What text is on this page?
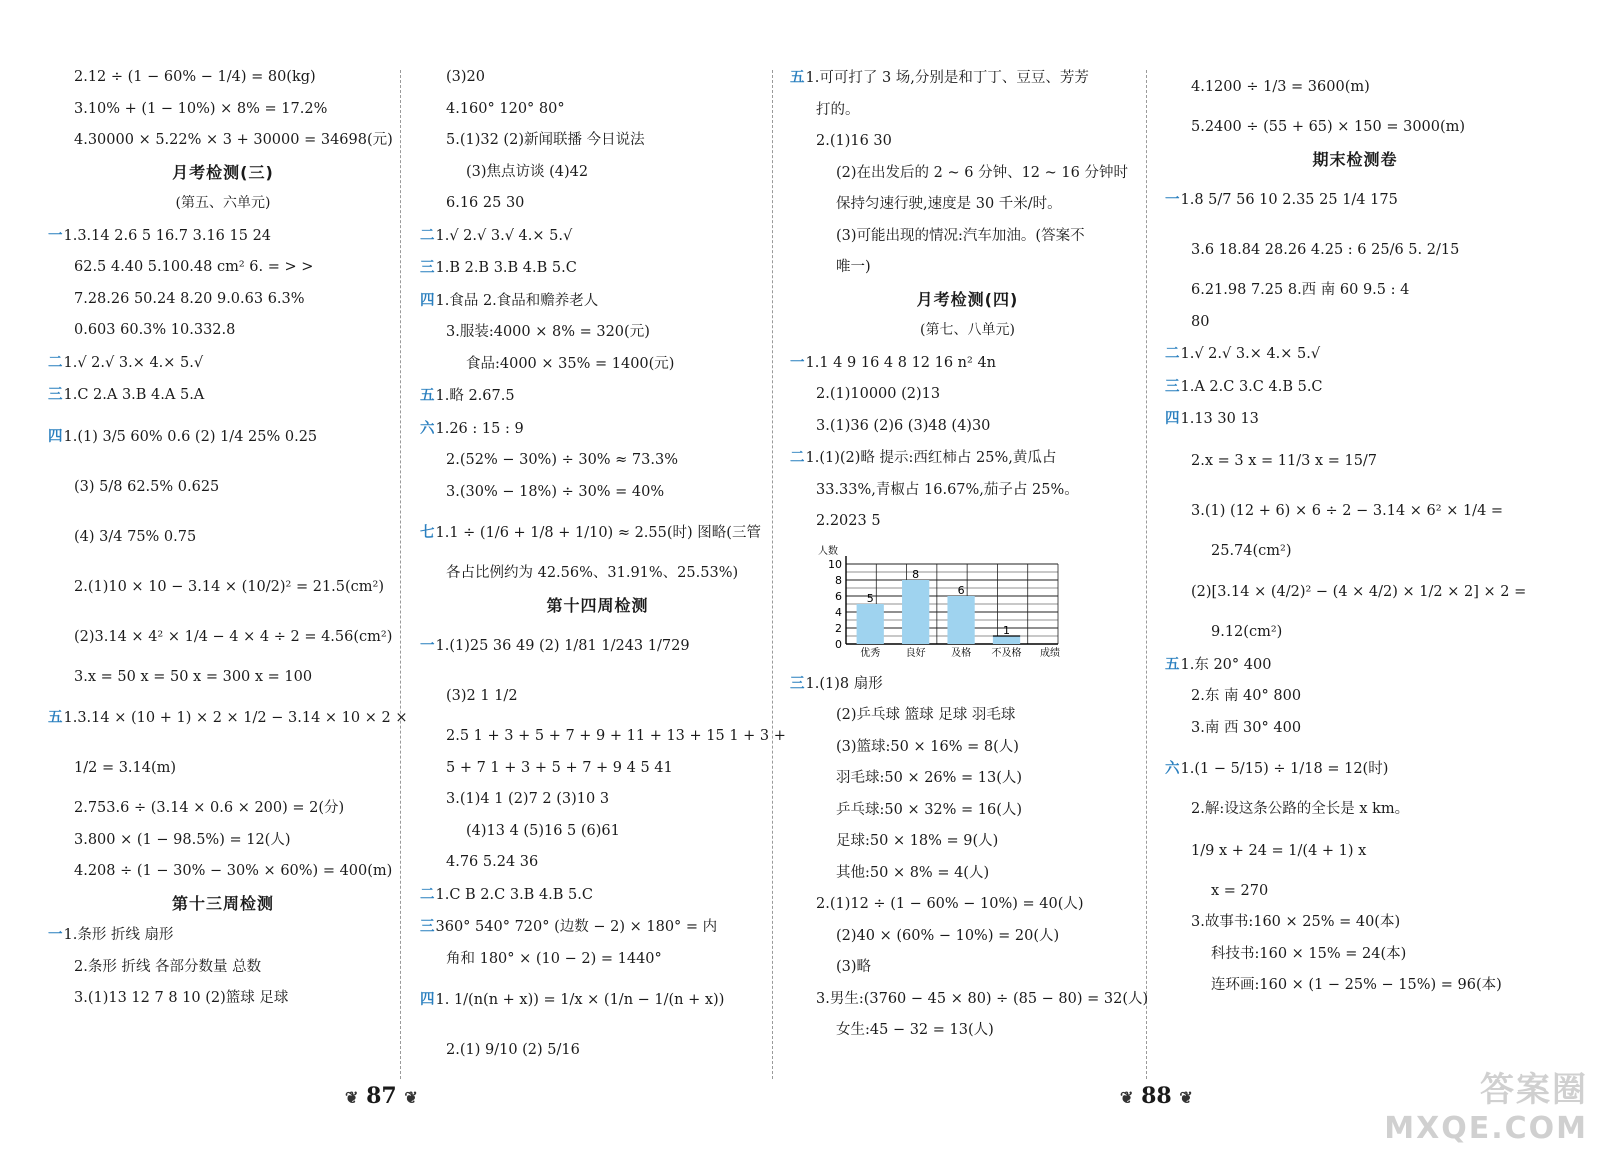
2.12 ÷ (1 − 60% − 1/4) = 80(kg)
3.10% + (1 − 10%) × 8% = 17.2%
4.30000 × 5.22% × 3 + 30000 = 34698(元)
月考检测(三)
(第五、六单元)
一1.3.14 2.6 5 16.7 3.16 15 24
62.5 4.40 5.100.48 cm² 6. = > >
7.28.26 50.24 8.20 9.0.63 6.3%
0.603 60.3% 10.332.8
二1.√ 2.√ 3.× 4.× 5.√
三1.C 2.A 3.B 4.A 5.A
四1.(1) 3/5 60% 0.6 (2) 1/4 25% 0.25
(3) 5/8 62.5% 0.625
(4) 3/4 75% 0.75
2.(1)10 × 10 − 3.14 × (10/2)² = 21.5(cm²)
(2)3.14 × 4² × 1/4 − 4 × 4 ÷ 2 = 4.56(cm²)
3.x = 50 x = 50 x = 300 x = 100
五1.3.14 × (10 + 1) × 2 × 1/2 − 3.14 × 10 × 2 ×
1/2 = 3.14(m)
2.753.6 ÷ (3.14 × 0.6 × 200) = 2(分)
3.800 × (1 − 98.5%) = 12(人)
4.208 ÷ (1 − 30% − 30% × 60%) = 400(m)
第十三周检测
一1.条形 折线 扇形
2.条形 折线 各部分数量 总数
3.(1)13 12 7 8 10 (2)篮球 足球
(3)20
4.160° 120° 80°
5.(1)32 (2)新闻联播 今日说法
(3)焦点访谈 (4)42
6.16 25 30
二1.√ 2.√ 3.√ 4.× 5.√
三1.B 2.B 3.B 4.B 5.C
四1.食品 2.食品和赡养老人
3.服装:4000 × 8% = 320(元)
食品:4000 × 35% = 1400(元)
五1.略 2.67.5
六1.26 : 15 : 9
2.(52% − 30%) ÷ 30% ≈ 73.3%
3.(30% − 18%) ÷ 30% = 40%
七1.1 ÷ (1/6 + 1/8 + 1/10) ≈ 2.55(时) 图略(三管
各占比例约为 42.56%、31.91%、25.53%)
第十四周检测
一1.(1)25 36 49 (2) 1/81 1/243 1/729
(3)2 1 1/2
2.5 1 + 3 + 5 + 7 + 9 + 11 + 13 + 15 1 + 3 +
5 + 7 1 + 3 + 5 + 7 + 9 4 5 41
3.(1)4 1 (2)7 2 (3)10 3
(4)13 4 (5)16 5 (6)61
4.76 5.24 36
二1.C B 2.C 3.B 4.B 5.C
三360° 540° 720° (边数 − 2) × 180° = 内
角和 180° × (10 − 2) = 1440°
四1. 1/(n(n + x)) = 1/x × (1/n − 1/(n + x))
2.(1) 9/10 (2) 5/16
五1.可可打了 3 场,分别是和丁丁、豆豆、芳芳
打的。
2.(1)16 30
(2)在出发后的 2 ~ 6 分钟、12 ~ 16 分钟时
保持匀速行驶,速度是 30 千米/时。
(3)可能出现的情况:汽车加油。(答案不
唯一)
月考检测(四)
(第七、八单元)
一1.1 4 9 16 4 8 12 16 n² 4n
2.(1)10000 (2)13
3.(1)36 (2)6 (3)48 (4)30
二1.(1)(2)略 提示:西红柿占 25%,黄瓜占
33.33%,青椒占 16.67%,茄子占 25%。
2.2023 5
0
2
4
6
8
10
人数
5
优秀
8
良好
6
及格
1
不及格 成绩
三1.(1)8 扇形
(2)乒乓球 篮球 足球 羽毛球
(3)篮球:50 × 16% = 8(人)
羽毛球:50 × 26% = 13(人)
乒乓球:50 × 32% = 16(人)
足球:50 × 18% = 9(人)
其他:50 × 8% = 4(人)
2.(1)12 ÷ (1 − 60% − 10%) = 40(人)
(2)40 × (60% − 10%) = 20(人)
(3)略
3.男生:(3760 − 45 × 80) ÷ (85 − 80) = 32(人)
女生:45 − 32 = 13(人)
4.1200 ÷ 1/3 = 3600(m)
5.2400 ÷ (55 + 65) × 150 = 3000(m)
期末检测卷
一1.8 5/7 56 10 2.35 25 1/4 175
3.6 18.84 28.26 4.25 : 6 25/6 5. 2/15
6.21.98 7.25 8.西 南 60 9.5 : 4
80
二1.√ 2.√ 3.× 4.× 5.√
三1.A 2.C 3.C 4.B 5.C
四1.13 30 13
2.x = 3 x = 11/3 x = 15/7
3.(1) (12 + 6) × 6 ÷ 2 − 3.14 × 6² × 1/4 =
25.74(cm²)
(2)[3.14 × (4/2)² − (4 × 4/2) × 1/2 × 2] × 2 =
9.12(cm²)
五1.东 20° 400
2.东 南 40° 800
3.南 西 30° 400
六1.(1 − 5/15) ÷ 1/18 = 12(时)
2.解:设这条公路的全长是 x km。
1/9 x + 24 = 1/(4 + 1) x
x = 270
3.故事书:160 × 25% = 40(本)
科技书:160 × 15% = 24(本)
连环画:160 × (1 − 25% − 15%) = 96(本)
❦ 87 ❦	❦ 88 ❦	答案圈
MXQE.COM
